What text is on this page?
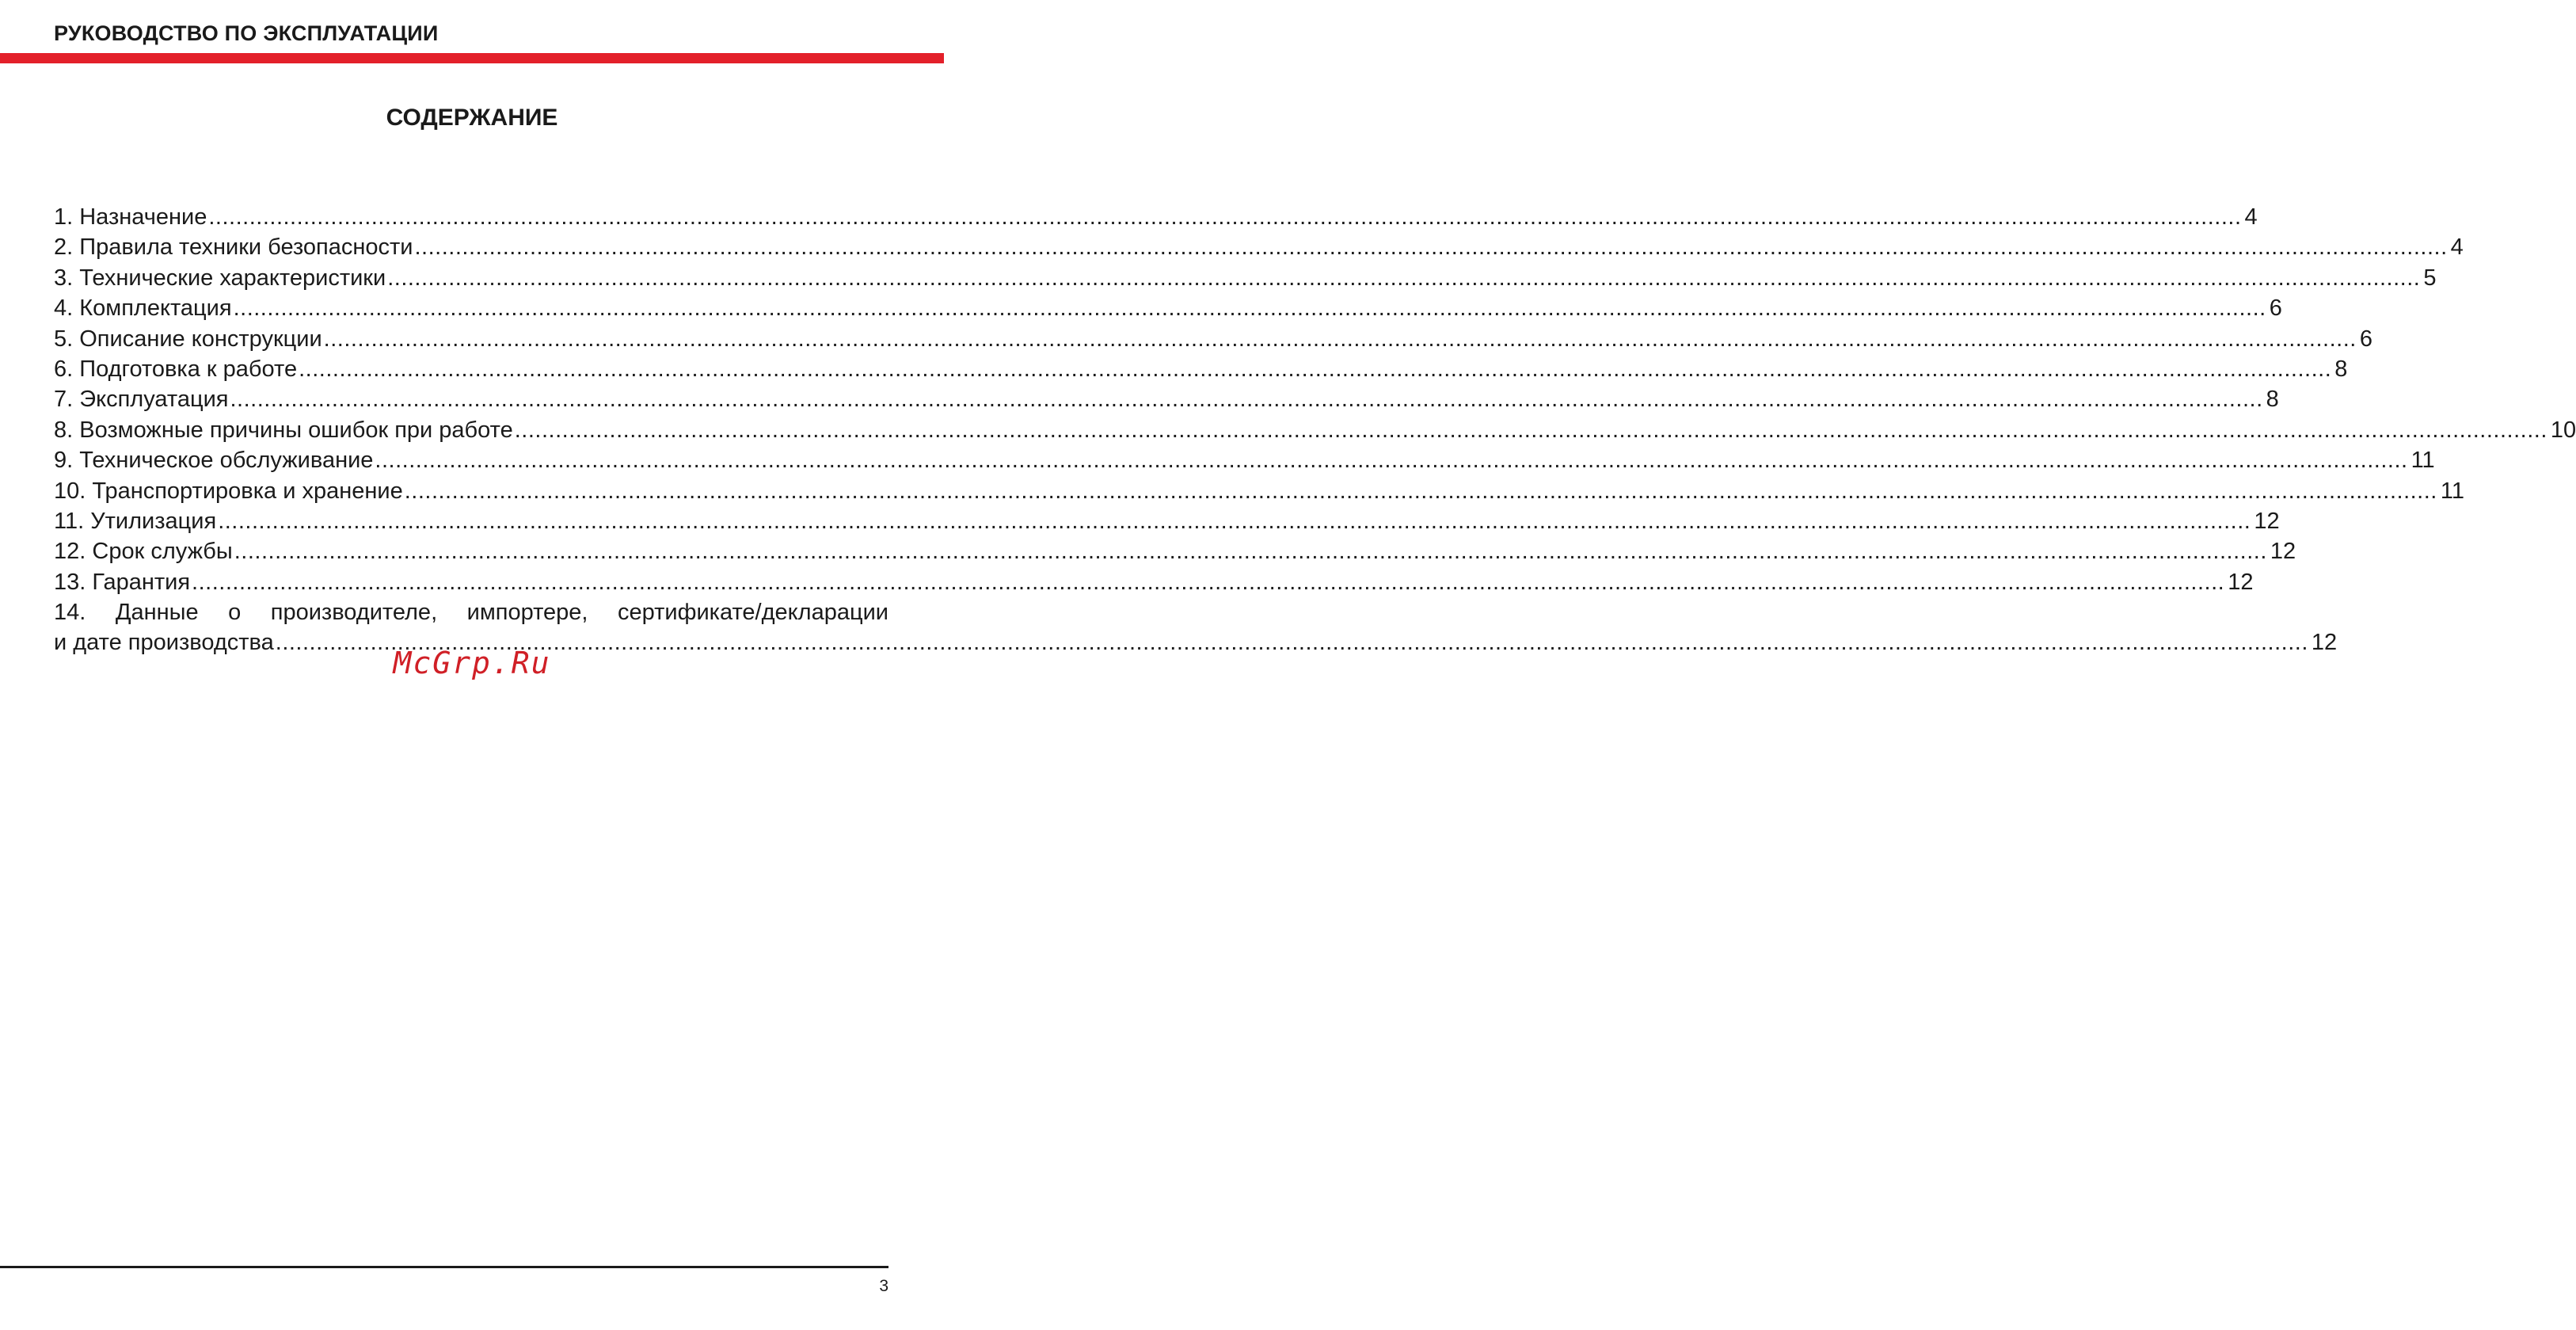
РУКОВОДСТВО ПО ЭКСПЛУАТАЦИИ
СОДЕРЖАНИЕ
1. Назначение ............................................................................................................................................................................................................................................................................................................ 4
2. Правила техники безопасности ............................................................................................................................................................................................................................................................................................................ 4
3. Технические характеристики ............................................................................................................................................................................................................................................................................................................ 5
4. Комплектация ............................................................................................................................................................................................................................................................................................................ 6
5. Описание конструкции ............................................................................................................................................................................................................................................................................................................ 6
6. Подготовка к работе ............................................................................................................................................................................................................................................................................................................ 8
7. Эксплуатация ............................................................................................................................................................................................................................................................................................................ 8
8. Возможные причины ошибок при работе ............................................................................................................................................................................................................................................................................................................ 10
9. Техническое обслуживание ............................................................................................................................................................................................................................................................................................................ 11
10. Транспортировка и хранение ............................................................................................................................................................................................................................................................................................................ 11
11. Утилизация ............................................................................................................................................................................................................................................................................................................ 12
12. Срок службы ............................................................................................................................................................................................................................................................................................................ 12
13. Гарантия ............................................................................................................................................................................................................................................................................................................ 12
14. Данные о производителе, импортере, сертификате/декларации
и дате производства ............................................................................................................................................................................................................................................................................................................ 12
McGrp.Ru
3
